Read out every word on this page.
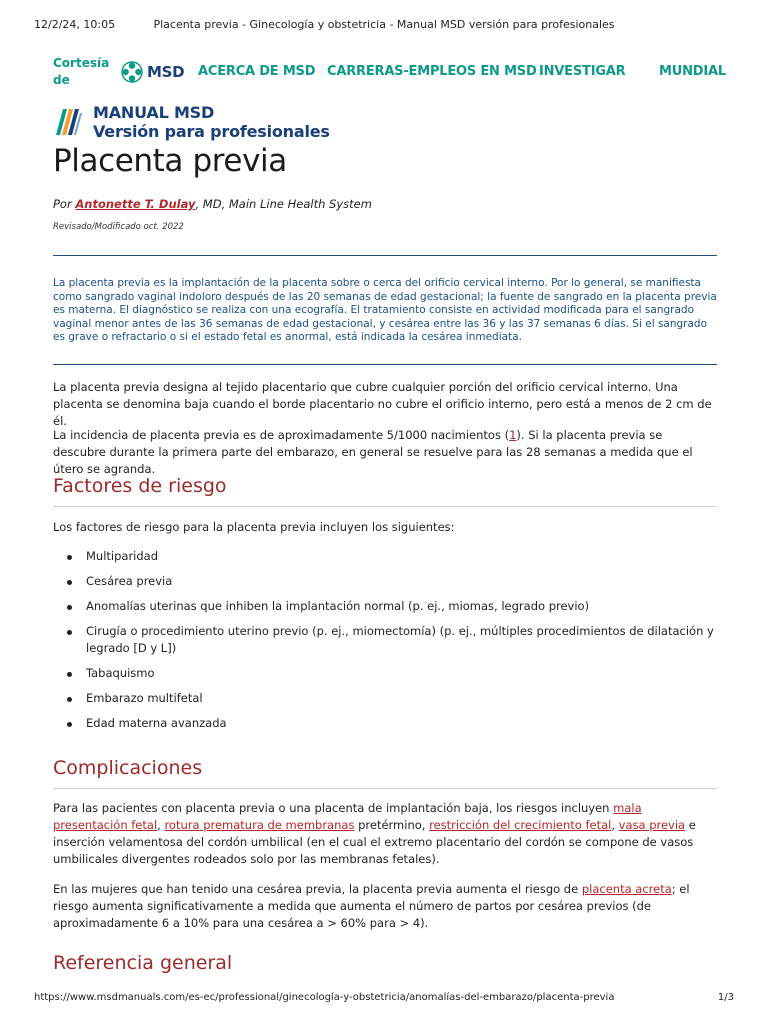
12/2/24, 10:05	Placenta previa - Ginecología y obstetricia - Manual MSD versión para profesionales
Cortesía de	MSD ACERCA DE MSD CARRERAS-EMPLEOS EN MSD INVESTIGAR	MUNDIAL
MANUAL MSD
Versión para profesionales
Placenta previa
Por Antonette T. Dulay, MD, Main Line Health System
Revisado/Modificado oct. 2022

La placenta previa es la implantación de la placenta sobre o cerca del orificio cervical interno. Por lo general, se manifiesta como sangrado vaginal indoloro después de las 20 semanas de edad gestacional; la fuente de sangrado en la placenta previa es materna. El diagnóstico se realiza con una ecografía. El tratamiento consiste en actividad modificada para el sangrado vaginal menor antes de las 36 semanas de edad gestacional, y cesárea entre las 36 y las 37 semanas 6 días. Si el sangrado es grave o refractario o si el estado fetal es anormal, está indicada la cesárea inmediata.

La placenta previa designa al tejido placentario que cubre cualquier porción del orificio cervical interno. Una placenta se denomina baja cuando el borde placentario no cubre el orificio interno, pero está a menos de 2 cm de él.

La incidencia de placenta previa es de aproximadamente 5/1000 nacimientos (1). Si la placenta previa se descubre durante la primera parte del embarazo, en general se resuelve para las 28 semanas a medida que el útero se agranda.

Factores de riesgo

Los factores de riesgo para la placenta previa incluyen los siguientes:

Multiparidad
Cesárea previa
Anomalías uterinas que inhiben la implantación normal (p. ej., miomas, legrado previo)
Cirugía o procedimiento uterino previo (p. ej., miomectomía) (p. ej., múltiples procedimientos de dilatación y legrado [D y L])
Tabaquismo
Embarazo multifetal
Edad materna avanzada
Complicaciones

Para las pacientes con placenta previa o una placenta de implantación baja, los riesgos incluyen mala presentación fetal, rotura prematura de membranas pretérmino, restricción del crecimiento fetal, vasa previa e inserción velamentosa del cordón umbilical (en el cual el extremo placentario del cordón se compone de vasos umbilicales divergentes rodeados solo por las membranas fetales).

En las mujeres que han tenido una cesárea previa, la placenta previa aumenta el riesgo de placenta acreta; el riesgo aumenta significativamente a medida que aumenta el número de partos por cesárea previos (de aproximadamente 6 a 10% para una cesárea a > 60% para > 4).

Referencia general
https://www.msdmanuals.com/es-ec/professional/ginecología-y-obstetricia/anomalías-del-embarazo/placenta-previa	1/3
